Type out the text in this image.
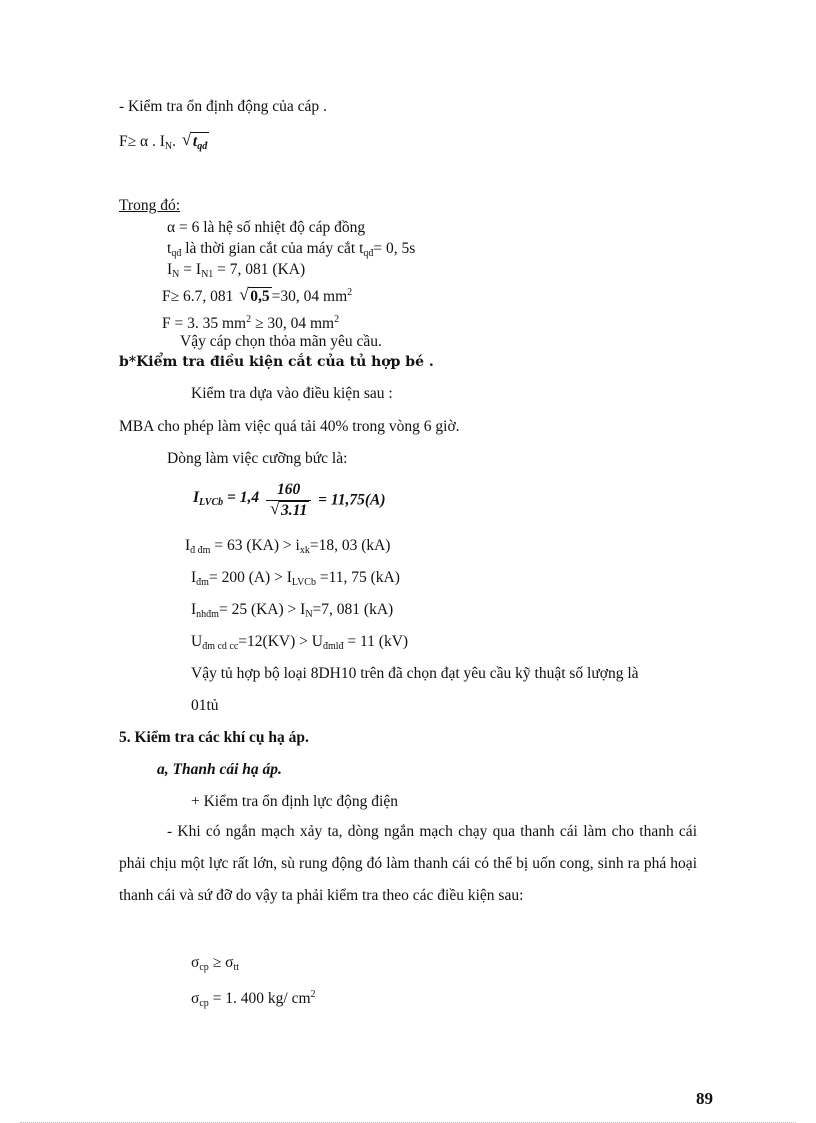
- Kiểm tra ổn định động của cáp .
F≥ α . $I_N$. √ $t_{qđ}$
Trong đó:
α = 6 là hệ số nhiệt độ cáp đồng
$t_{qđ}$ là thời gian cắt của máy cắt $t_{qđ}= 0$, 5s
$I_N = I_{N1} = 7$, 081 (KA)
F≥ 6.7, 081 √ 0,5 =30, 04 $mm^2$
F = 3. 35 $mm^2 \ge 30$, 04 $mm^2$
Vậy cáp chọn thỏa mãn yêu cầu.
b*Kiểm tra điều kiện cắt của tủ hợp bé .
Kiểm tra dựa vào điều kiện sau :
MBA cho phép làm việc quá tải 40% trong vòng 6 giờ.
Dòng làm việc cưỡng bức là:
$I_{LVCb} = 1,4$ 160
√ 3.11 = 11,75(A)
$I_{đ đm} = 63$ $(KA) > i_{xk}=18$, 03 (kA)
$I_{đm}= 200$ $(A) > I_{LVCb} =11$, 75 (kA)
$I_{nhđm}= 25$ $(KA) > I_N=7$, 081 (kA)
$U_{đm cd cc}=12(KV) > U_{đmlđ} = 11$ (kV)
Vậy tủ hợp bộ loại 8DH10 trên đã chọn đạt yêu cầu kỹ thuật số lượng là
01tủ
5. Kiểm tra các khí cụ hạ áp.
a, Thanh cái hạ áp.
+ Kiểm tra ổn định lực động điện
- Khi có ngắn mạch xảy ta, dòng ngắn mạch chạy qua thanh cái làm cho thanh cái phải chịu một lực rất lớn, sù rung động đó làm thanh cái có thể bị uốn cong, sinh ra phá hoại thanh cái và sứ đỡ do vậy ta phải kiểm tra theo các điều kiện sau:
$\sigma_{cp} \ge \sigma_{tt}$
$\sigma_{cp} = 1$. 400 kg/ $cm^2$
89
